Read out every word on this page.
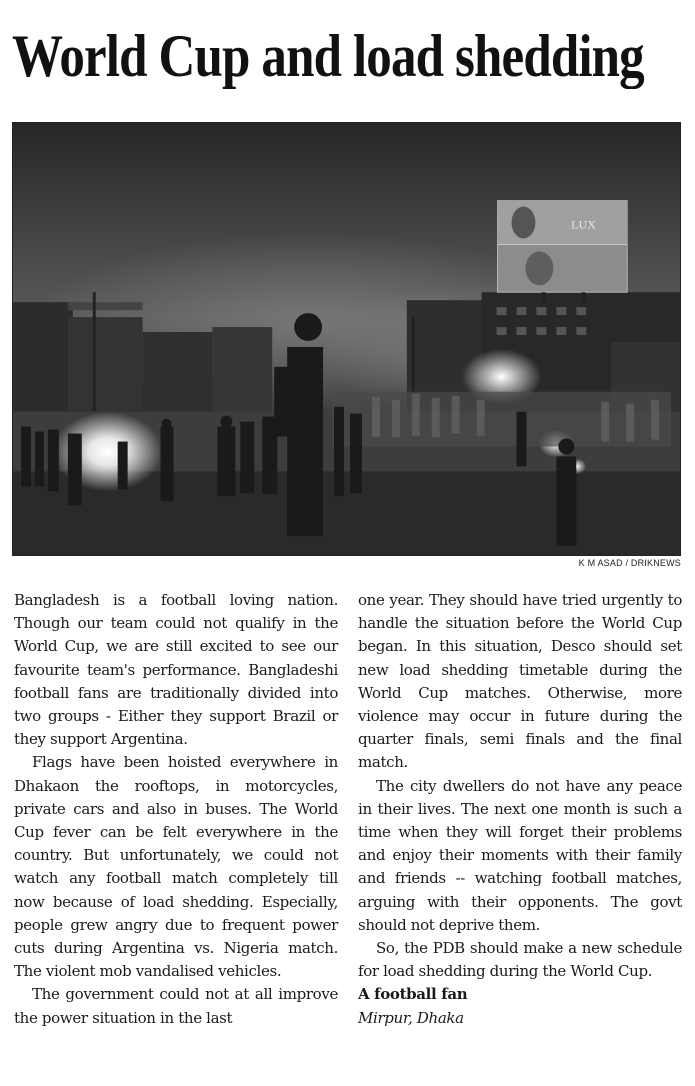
World Cup and load shedding
LUX
K M ASAD / DRIKNEWS

Bangladesh is a football loving nation. Though our team could not qualify in the World Cup, we are still excited to see our favourite team's performance. Bangladeshi football fans are traditionally divided into two groups - Either they support Brazil or they support Argentina.

Flags have been hoisted everywhere in Dhakaon the rooftops, in motorcycles, private cars and also in buses. The World Cup fever can be felt everywhere in the country. But unfortunately, we could not watch any football match completely till now because of load shedding. Especially, people grew angry due to frequent power cuts during Argentina vs. Nigeria match. The violent mob vandalised vehicles.

The government could not at all improve the power situation in the last

one year. They should have tried urgently to handle the situation before the World Cup began. In this situation, Desco should set new load shedding timetable during the World Cup matches. Otherwise, more violence may occur in future during the quarter finals, semi finals and the final match.

The city dwellers do not have any peace in their lives. The next one month is such a time when they will forget their problems and enjoy their moments with their family and friends -- watching football matches, arguing with their opponents. The govt should not deprive them.

So, the PDB should make a new schedule for load shedding during the World Cup.

A football fan

Mirpur, Dhaka
